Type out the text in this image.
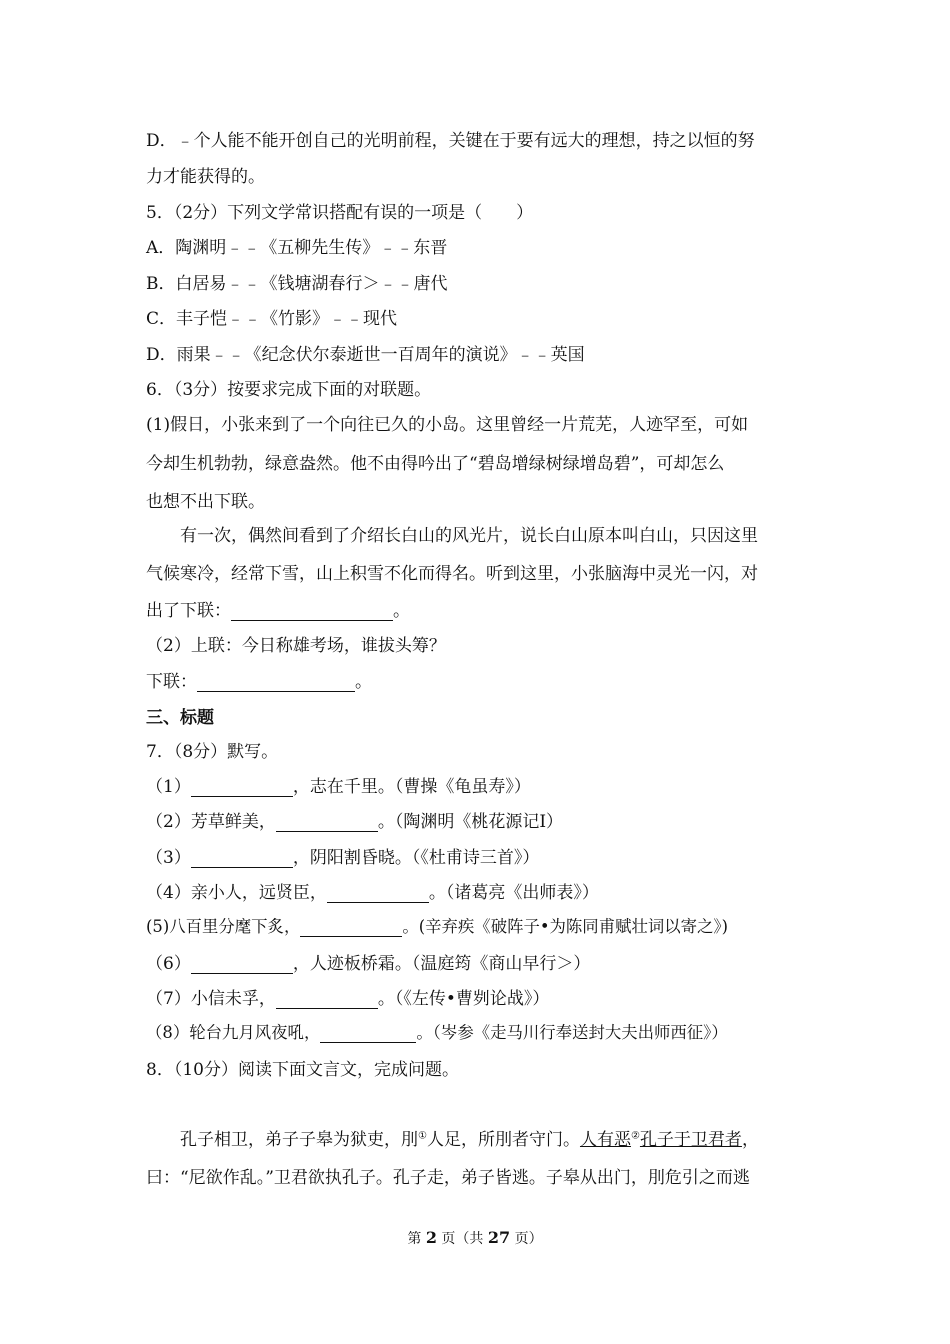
D．﹣个人能不能开创自己的光明前程，关键在于要有远大的理想，持之以恒的努
力才能获得的。
5．（2分）下列文学常识搭配有误的一项是（　　）
A．陶渊明﹣﹣《五柳先生传》﹣﹣东晋
B．白居易﹣﹣《钱塘湖春行＞﹣﹣唐代
C．丰子恺﹣﹣《竹影》﹣﹣现代
D．雨果﹣﹣《纪念伏尔泰逝世一百周年的演说》﹣﹣英国
6．（3分）按要求完成下面的对联题。
(1)假日，小张来到了一个向往已久的小岛。这里曾经一片荒芜，人迹罕至，可如
今却生机勃勃，绿意盎然。他不由得吟出了“碧岛增绿树绿增岛碧”，可却怎么
也想不出下联。
有一次，偶然间看到了介绍长白山的风光片，说长白山原本叫白山，只因这里
气候寒冷，经常下雪，山上积雪不化而得名。听到这里，小张脑海中灵光一闪，对
出了下联：	。
（2）上联：今日称雄考场，谁拔头筹？
下联：	。
三、标题
7．（8分）默写。
（1）	，志在千里。（曹操《龟虽寿》）
（2）芳草鲜美，	。（陶渊明《桃花源记Ⅰ）
（3）	，阴阳割昏晓。（《杜甫诗三首》）
（4）亲小人，远贤臣，	。（诸葛亮《出师表》）
(5)八百里分麾下炙，	。(辛弃疾《破阵子•为陈同甫赋壮词以寄之》)
（6）	，人迹板桥霜。（温庭筠《商山早行＞）
（7）小信未孚，	。（《左传•曹刿论战》）
（8）轮台九月风夜吼，	。（岑参《走马川行奉送封大夫出师西征》）
8．（10分）阅读下面文言文，完成问题。
孔子相卫，弟子子皋为狱吏，刖①人足，所刖者守门。人有恶②孔子于卫君者，
曰：“尼欲作乱。”卫君欲执孔子。孔子走，弟子皆逃。子皋从出门，刖危引之而逃
第 2 页（共 27 页）
